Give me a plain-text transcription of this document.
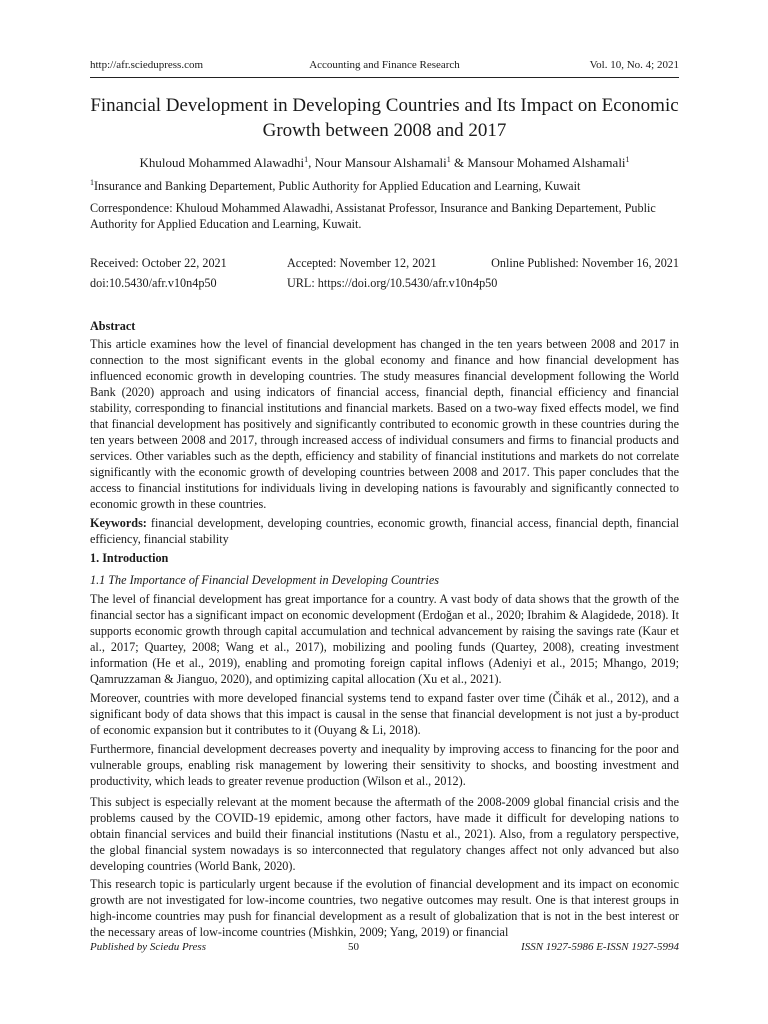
http://afr.sciedupress.com	Accounting and Finance Research	Vol. 10, No. 4; 2021
Financial Development in Developing Countries and Its Impact on Economic Growth between 2008 and 2017
Khuloud Mohammed Alawadhi$^1$, Nour Mansour Alshamali$^1$ & Mansour Mohamed Alshamali$^1$
$^1$Insurance and Banking Departement, Public Authority for Applied Education and Learning, Kuwait
Correspondence: Khuloud Mohammed Alawadhi, Assistanat Professor, Insurance and Banking Departement, Public Authority for Applied Education and Learning, Kuwait.
Received: October 22, 2021	Accepted: November 12, 2021	Online Published: November 16, 2021
doi:10.5430/afr.v10n4p50	URL: https://doi.org/10.5430/afr.v10n4p50
Abstract
This article examines how the level of financial development has changed in the ten years between 2008 and 2017 in connection to the most significant events in the global economy and finance and how financial development has influenced economic growth in developing countries. The study measures financial development following the World Bank (2020) approach and using indicators of financial access, financial depth, financial efficiency and financial stability, corresponding to financial institutions and financial markets. Based on a two-way fixed effects model, we find that financial development has positively and significantly contributed to economic growth in these countries during the ten years between 2008 and 2017, through increased access of individual consumers and firms to financial products and services. Other variables such as the depth, efficiency and stability of financial institutions and markets do not correlate significantly with the economic growth of developing countries between 2008 and 2017. This paper concludes that the access to financial institutions for individuals living in developing nations is favourably and significantly connected to economic growth in these countries.
Keywords: financial development, developing countries, economic growth, financial access, financial depth, financial efficiency, financial stability
1. Introduction
1.1 The Importance of Financial Development in Developing Countries
The level of financial development has great importance for a country. A vast body of data shows that the growth of the financial sector has a significant impact on economic development (Erdoğan et al., 2020; Ibrahim & Alagidede, 2018). It supports economic growth through capital accumulation and technical advancement by raising the savings rate (Kaur et al., 2017; Quartey, 2008; Wang et al., 2017), mobilizing and pooling funds (Quartey, 2008), creating investment information (He et al., 2019), enabling and promoting foreign capital inflows (Adeniyi et al., 2015; Mhango, 2019; Qamruzzaman & Jianguo, 2020), and optimizing capital allocation (Xu et al., 2021).
Moreover, countries with more developed financial systems tend to expand faster over time (Čihák et al., 2012), and a significant body of data shows that this impact is causal in the sense that financial development is not just a by-product of economic expansion but it contributes to it (Ouyang & Li, 2018).
Furthermore, financial development decreases poverty and inequality by improving access to financing for the poor and vulnerable groups, enabling risk management by lowering their sensitivity to shocks, and boosting investment and productivity, which leads to greater revenue production (Wilson et al., 2012).
This subject is especially relevant at the moment because the aftermath of the 2008-2009 global financial crisis and the problems caused by the COVID-19 epidemic, among other factors, have made it difficult for developing nations to obtain financial services and build their financial institutions (Nastu et al., 2021). Also, from a regulatory perspective, the global financial system nowadays is so interconnected that regulatory changes affect not only advanced but also developing countries (World Bank, 2020).
This research topic is particularly urgent because if the evolution of financial development and its impact on economic growth are not investigated for low-income countries, two negative outcomes may result. One is that interest groups in high-income countries may push for financial development as a result of globalization that is not in the best interest or the necessary areas of low-income countries (Mishkin, 2009; Yang, 2019) or financial
Published by Sciedu Press	50	ISSN 1927-5986 E-ISSN 1927-5994
